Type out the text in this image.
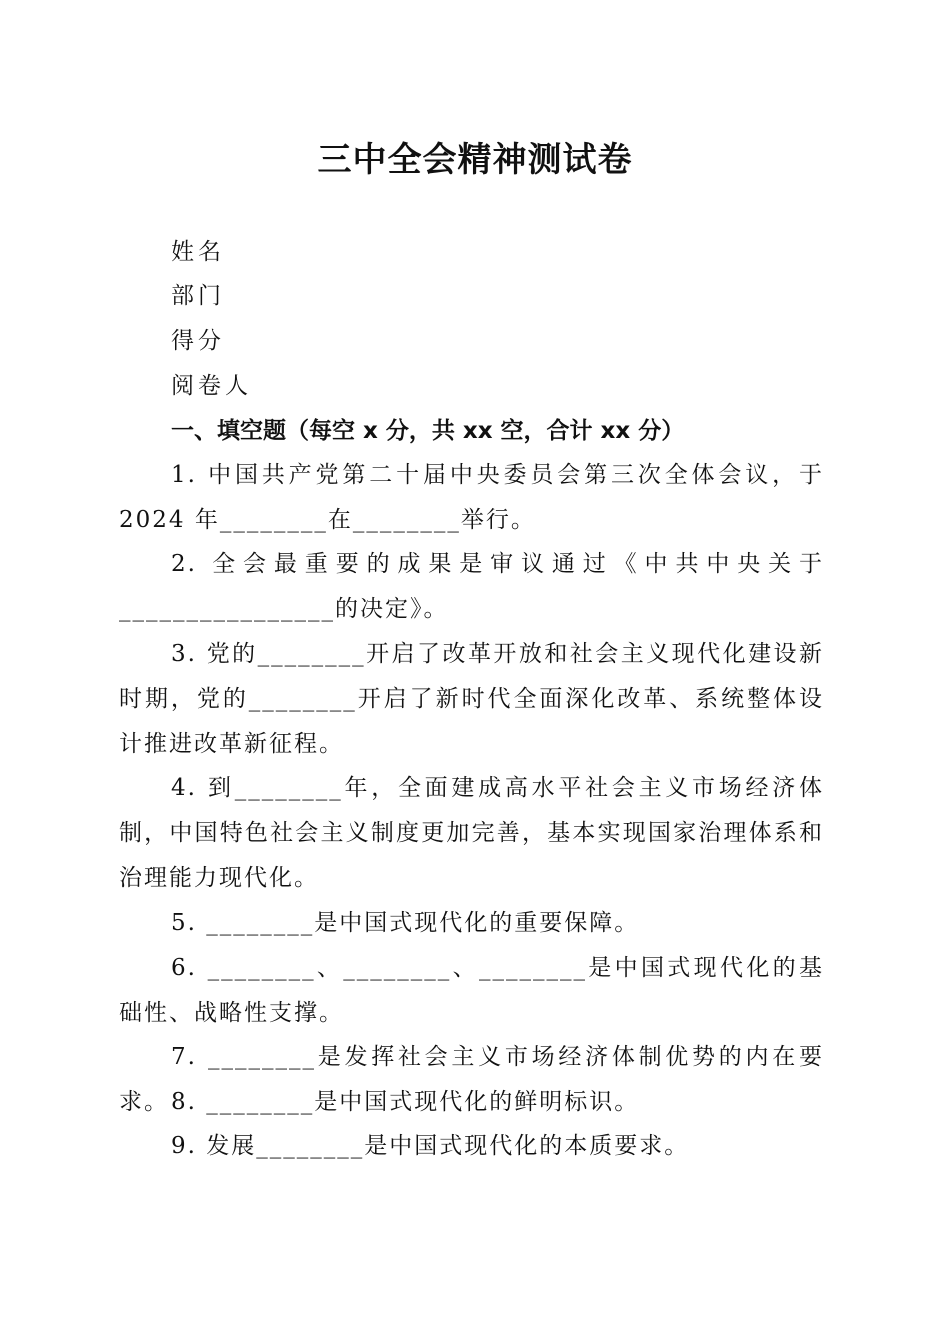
三中全会精神测试卷
姓名
部门
得分
阅卷人
一、填空题（每空 x 分，共 xx 空，合计 xx 分）
1. 中国共产党第二十届中央委员会第三次全体会议，于2024 年________在________举行。
2. 全会最重要的成果是审议通过《中共中央关于________________的决定》。
3. 党的________开启了改革开放和社会主义现代化建设新时期，党的________开启了新时代全面深化改革、系统整体设计推进改革新征程。
4. 到________年，全面建成高水平社会主义市场经济体制，中国特色社会主义制度更加完善，基本实现国家治理体系和治理能力现代化。
5. ________是中国式现代化的重要保障。
6. ________、________、________是中国式现代化的基础性、战略性支撑。
7. ________是发挥社会主义市场经济体制优势的内在要求。 8. ________是中国式现代化的鲜明标识。
9. 发展________是中国式现代化的本质要求。
